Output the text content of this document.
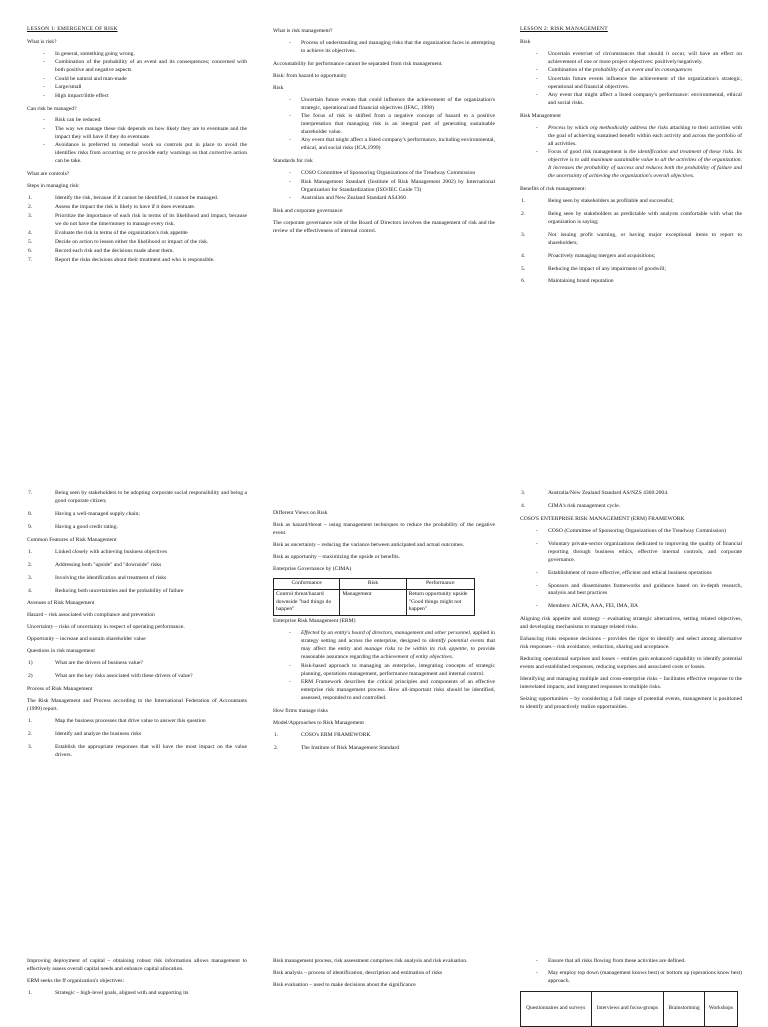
LESSON 1: EMERGENCE OF RISK

What is risk?

- In general, something going wrong.
- Combination of the probability of an event and its consequences; concerned with both positive and negative aspects
- Could be natural and man-made
- Large/small
- High impact/little effect

Can risk be managed?

- Risk can be reduced.
- The way we manage these risk depends on how likely they are to eventuate and the impact they will have if they do eventuate.
- Avoidance is preferred to remedial work so controls put in place to avoid the identifies risks from occurring or to provide early warnings so that corrective action can be take.

What are controls?

Steps in managing risk:

1.	Identify the risk, because if it cannot be identified, it cannot be managed.
2.	Assess the impact the risk is likely to have if it does eventuate.
3.	Prioritize the importance of each risk in terms of its likelihood and impact, because we do not have the time/money to manage every risk.
4.	Evaluate the risk in terms of the organization's risk appetite
5.	Decide on action to lessen either the likelihood or impact of the risk.
6.	Record each risk and the decisions made about them.
7.	Report the risks decisions about their treatment and who is responsible.

What is risk management?

- Process of understanding and managing risks that the organization faces in attempting to achieve its objectives.

Accountability for performance cannot be separated from risk management.

Risk: from hazard to opportunity

Risk

- Uncertain future events that could influence the achievement of the organization's strategic, operational and financial objectives (IFAC, 1998)
- The focus of risk is shifted from a negative concept of hazard to a positive interpretation that managing risk is an integral part of generating sustainable shareholder value.
- Any event that might affect a listed company's performance, including environmental, ethical, and social risks (ICA,1999)

Standards for risk

- COSO Committee of Sponsoring Organizations of the Treadway Commission
- Risk Management Standard (Institute of Risk Management 2002) by International Organization for Standardization (ISO/IEC Guide 73)
- Australian and New Zealand Standard AS4360

Risk and corporate governance

The corporate governance role of the Board of Directors involves the management of risk and the review of the effectiveness of internal control.

LESSON 2: RISK MANAGEMENT

Risk

- Uncertain event/set of circumstances that should it occur, will have an effect on achievement of one or more project objectives: positively/negatively.
- Combination of the probability of an event and its consequences
- Uncertain future events influence the achievement of the organization's strategic, operational and financial objectives.
- Any event that might affect a listed company's performance: environmental, ethical and social risks.

Risk Management

- Process by which org methodically address the risks attaching to their activities with the goal of achieving sustained benefit within each activity and across the portfolio of all activities.
- Focus of good risk management is the identification and treatment of these risks. Its objective is to add maximum sustainable value to all the activities of the organization. It increases the probability of success and reduces both the probability of failure and the uncertainty of achieving the organization's overall objectives.

Benefits of risk management:

1.	Being seen by stakeholders as profitable and successful;
2.	Being seen by stakeholders as predictable with analysts comfortable with what the organization is saying;
3.	Not issuing profit warning, or having major exceptional items to report to shareholders;
4.	Proactively managing mergers and acquisitions;
5.	Reducing the impact of any impairment of goodwill;
6.	Maintaining brand reputation
7.	Being seen by stakeholders to be adopting corporate social responsibility and being a good corporate citizen;
8.	Having a well-managed supply chain;
9.	Having a good credit rating.

Common Features of Risk Management

1.	Linked closely with achieving business objectives
2.	Addressing both "upside" and "downside" risks
3.	Involving the identification and treatment of risks
4.	Reducing both uncertainties and the probability of failure

Avenues of Risk Management

Hazard – risk associated with compliance and prevention

Uncertainty – risks of uncertainty in respect of operating performance.

Opportunity – increase and sustain shareholder value

Questions in risk management

1)	What are the drivers of business value?
2)	What are the key risks associated with these drivers of value?

Process of Risk Management

The Risk Management and Process according to the International Federation of Accountants (1999) report.

1.	Map the business processes that drive value to answer this question
2.	Identify and analyze the business risks
3.	Establish the appropriate responses that will have the most impact on the value drivers.

Different Views on Risk

Risk as hazard/threat – using management techniques to reduce the probability of the negative event.

Risk as uncertainty – reducing the variance between anticipated and actual outcomes.

Risk as opportunity – maximizing the upside or benefits.

Enterprise Governance by (CIMA)

Conformance	Risk	Performance
Control threat/hazard downside "bad things do happen"	Management	Return opportunity upside "Good things might not happen"

Enterprise Risk Management (ERM)

- Effected by an entity's board of directors, management and other personnel, applied in strategy setting and across the enterprise, designed to identify potential events that may affect the entity and manage risks to be within its risk appetite, to provide reasonable assurance regarding the achievement of entity objectives.
- Risk-based approach to managing an enterprise, integrating concepts of strategic planning, operations management, performance management and internal control.
- ERM Framework describes the critical principles and components of an effective enterprise risk management process. How all-important risks should be identified, assessed, responded to and controlled.

How firms manage risks

Model/Approaches to Risk Management

1.	COSO's ERM FRAMEWORK
2.	The Institute of Risk Management Standard
3.	Australia/New Zealand Standard AS/NZS 4360:2004.
4.	CIMA's risk management cycle.

COSO'S ENTERPRISE RISK MANAGEMENT (ERM) FRAMEWORK

- COSO (Committee of Sponsoring Organizations of the Treadway Commission)
- Voluntary private-sector organizations dedicated to improving the quality of financial reporting through business ethics, effective internal controls, and corporate governance.
- Establishment of more effective, efficient and ethical business operations
- Sponsors and disseminates frameworks and guidance based on in-depth research, analysis and best practices
- Members: AICPA, AAA, FEI, IMA, IIA

Aligning risk appetite and strategy – evaluating strategic alternatives, setting related objectives, and developing mechanisms to manage related risks.

Enhancing risks response decisions – provides the rigor to identify and select among alternative risk responses – risk avoidance, reduction, sharing and acceptance.

Reducing operational surprises and losses – entities gain enhanced capability to identify potential events and established responses, reducing surprises and associated costs or losses.

Identifying and managing multiple and cross-enterprise risks – facilitates effective response to the interrelated impacts, and integrated responses to multiple risks.

Seizing opportunities – by considering a full range of potential events, management is positioned to identify and proactively realize opportunities.

Improving deployment of capital – obtaining robust risk information allows management to effectively assess overall capital needs and enhance capital allocation.

ERM seeks the ff organization's objectives:

1.	Strategic – high-level goals, aligned with and supporting its

Risk management process, risk assessment comprises risk analysis and risk evaluation.

Risk analysis – process of identification, description and estimation of risks

Risk evaluation – used to make decisions about the significance

- Ensure that all risks flowing from these activities are defined.
- May employ top down (management knows best) or bottom up (operations know best) approach.
Questionnaires and surveys	Interviews and focus-groups	Brainstorming	Workshops
